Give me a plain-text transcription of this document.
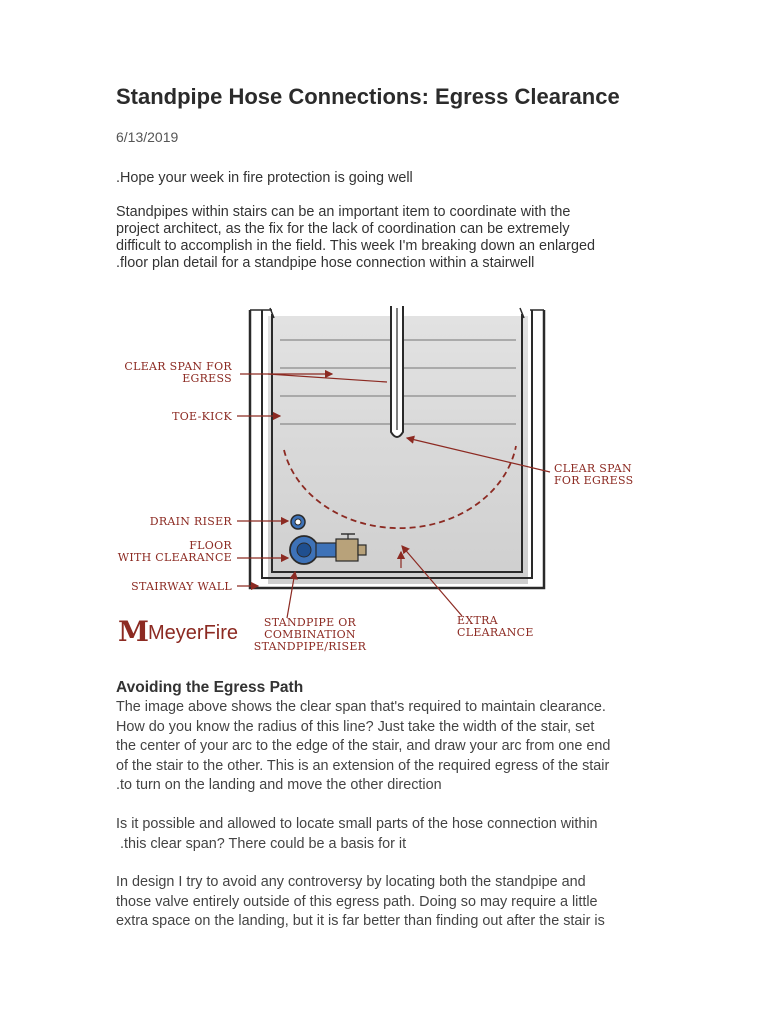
Standpipe Hose Connections: Egress Clearance
6/13/2019

.Hope your week in fire protection is going well

Standpipes within stairs can be an important item to coordinate with the
project architect, as the fix for the lack of coordination can be extremely
difficult to accomplish in the field. This week I'm breaking down an enlarged
.floor plan detail for a standpipe hose connection within a stairwell

CLEAR SPAN FOR
EGRESS
TOE-KICK
DRAIN RISER
FLOOR
WITH CLEARANCE
STAIRWAY WALL
CLEAR SPAN
FOR EGRESS
STANDPIPE OR
COMBINATION
STANDPIPE/RISER
EXTRA
CLEARANCE
M MeyerFire
Avoiding the Egress Path

The image above shows the clear span that's required to maintain clearance.
How do you know the radius of this line? Just take the width of the stair, set
the center of your arc to the edge of the stair, and draw your arc from one end
of the stair to the other. This is an extension of the required egress of the stair
.to turn on the landing and move the other direction

Is it possible and allowed to locate small parts of the hose connection within
.this clear span? There could be a basis for it

In design I try to avoid any controversy by locating both the standpipe and
those valve entirely outside of this egress path. Doing so may require a little
extra space on the landing, but it is far better than finding out after the stair is
